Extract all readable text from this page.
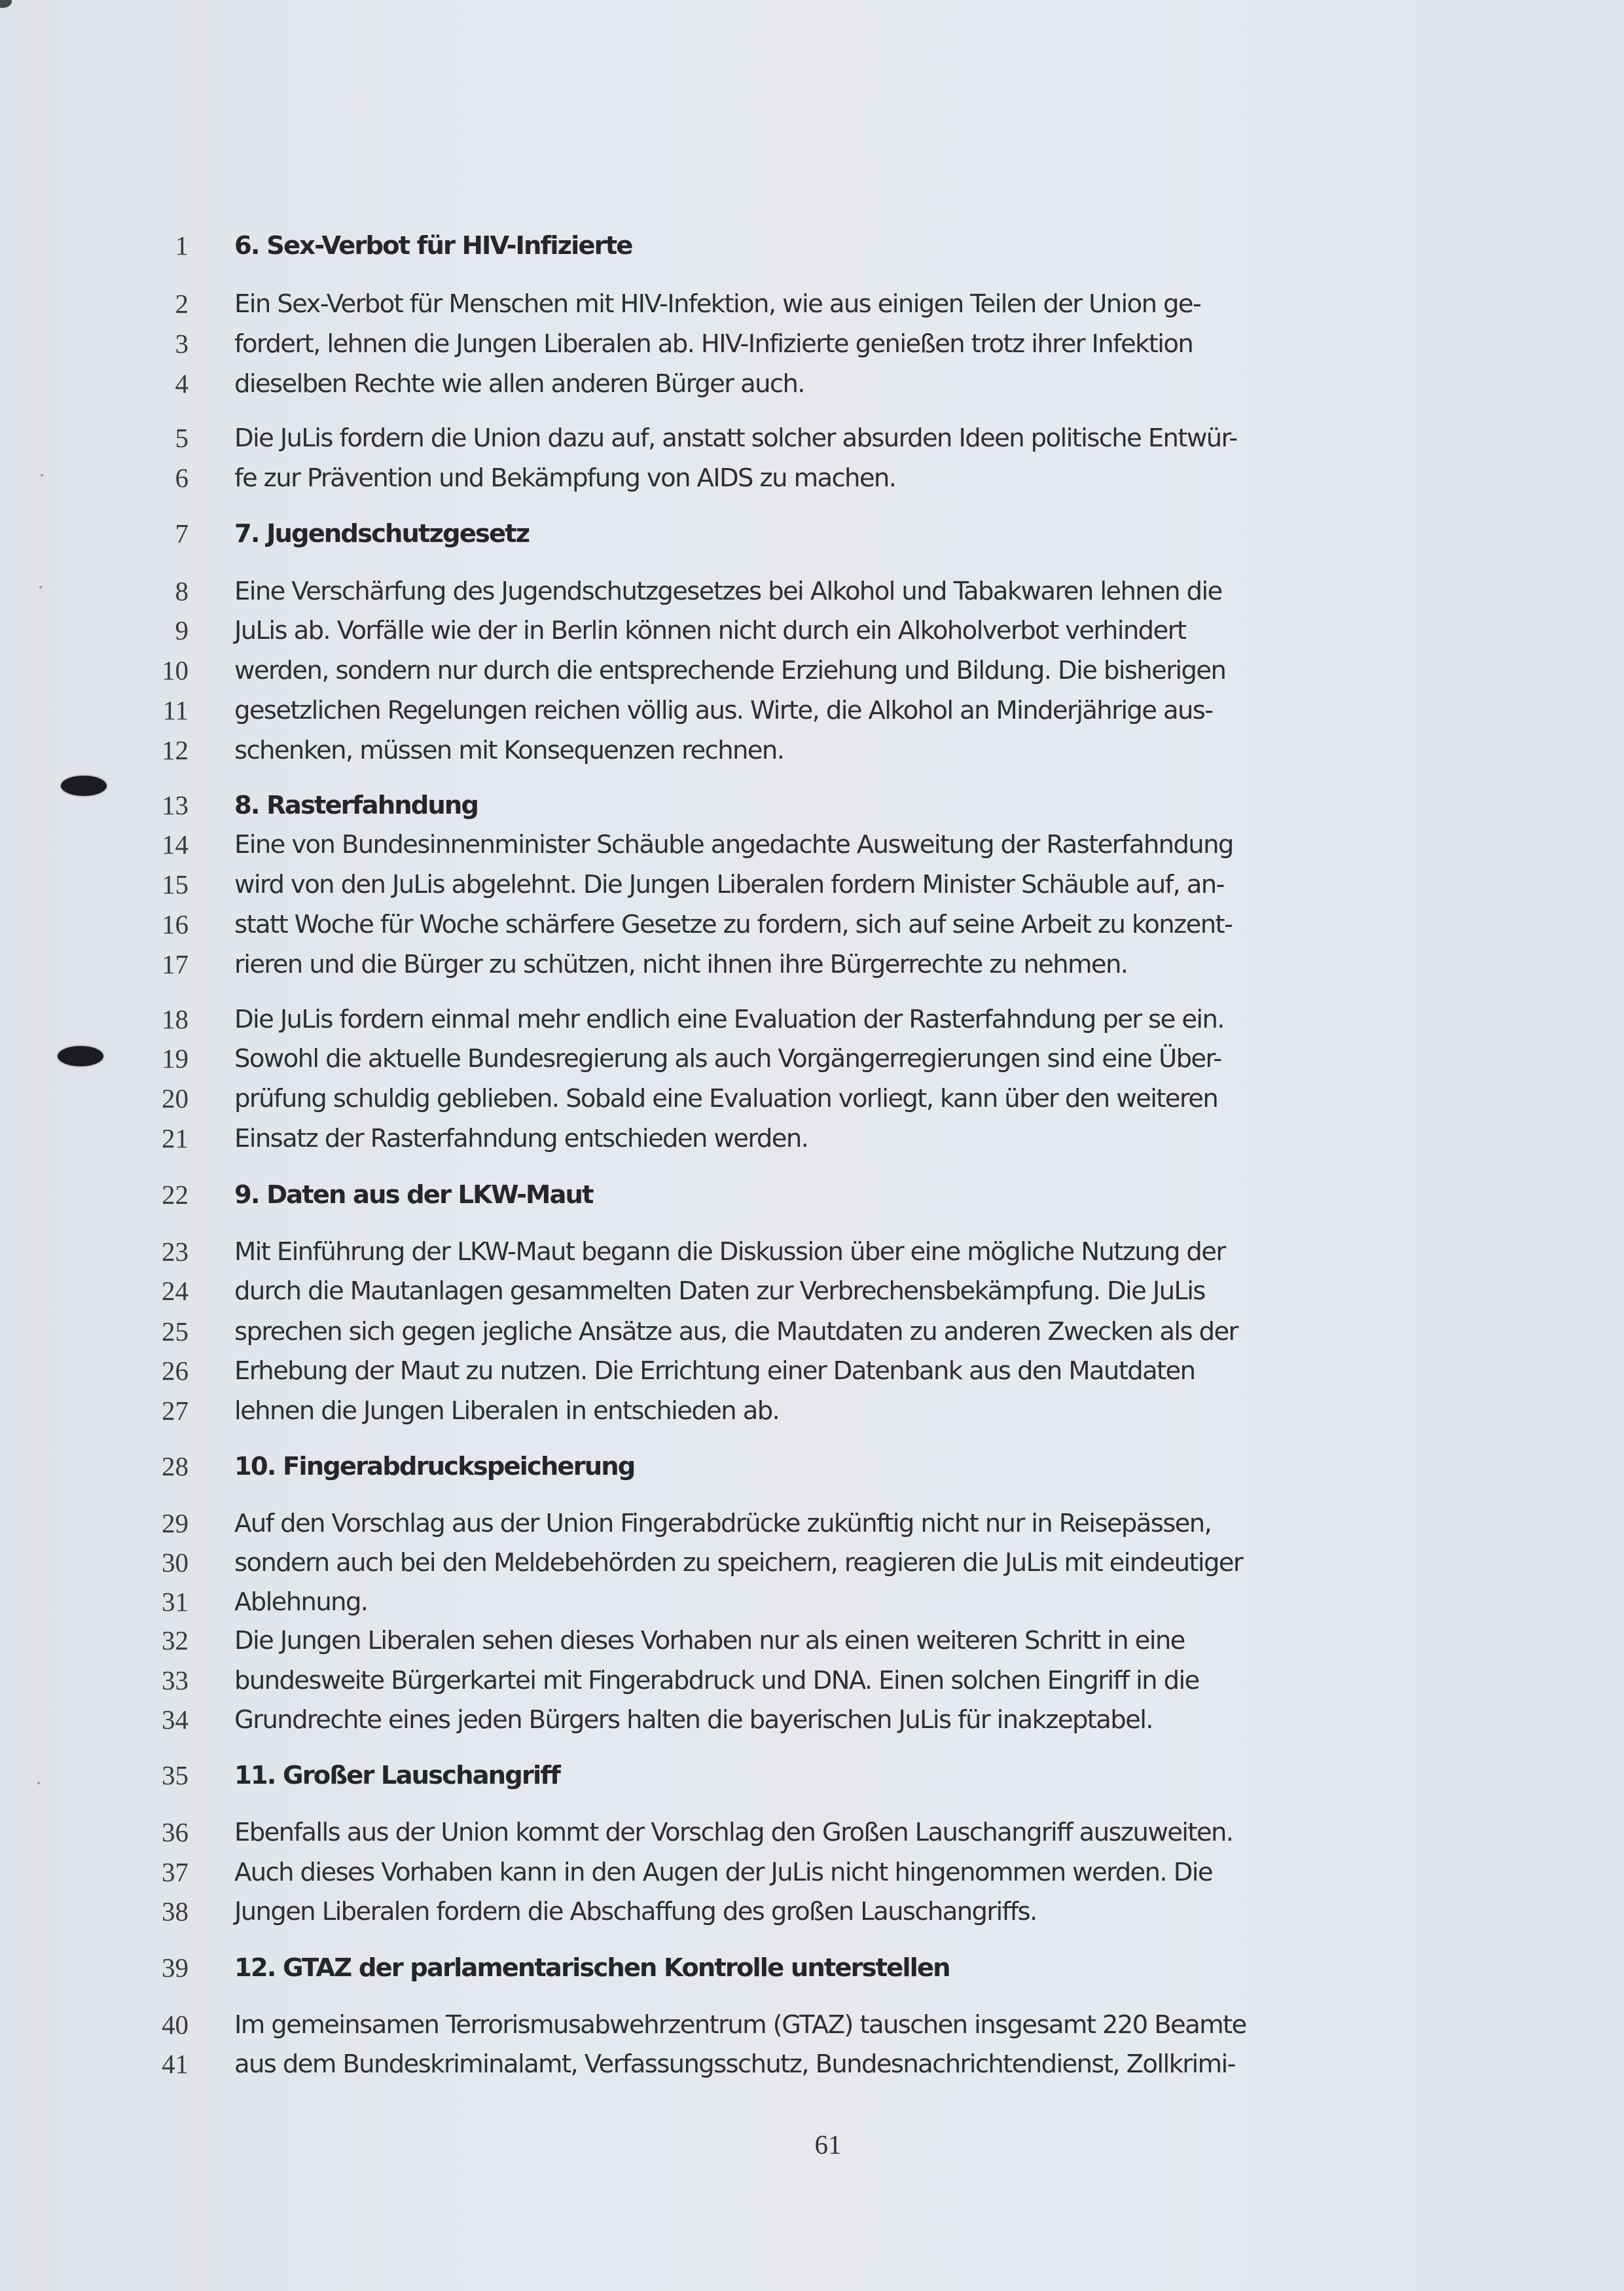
1 6. Sex-Verbot für HIV-Infizierte
2 Ein Sex-Verbot für Menschen mit HIV-Infektion, wie aus einigen Teilen der Union ge-
3 fordert, lehnen die Jungen Liberalen ab. HIV-Infizierte genießen trotz ihrer Infektion
4 dieselben Rechte wie allen anderen Bürger auch.
5 Die JuLis fordern die Union dazu auf, anstatt solcher absurden Ideen politische Entwür-
6 fe zur Prävention und Bekämpfung von AIDS zu machen.
7 7. Jugendschutzgesetz
8 Eine Verschärfung des Jugendschutzgesetzes bei Alkohol und Tabakwaren lehnen die
9 JuLis ab. Vorfälle wie der in Berlin können nicht durch ein Alkoholverbot verhindert
10 werden, sondern nur durch die entsprechende Erziehung und Bildung. Die bisherigen
11 gesetzlichen Regelungen reichen völlig aus. Wirte, die Alkohol an Minderjährige aus-
12 schenken, müssen mit Konsequenzen rechnen.
13 8. Rasterfahndung
14 Eine von Bundesinnenminister Schäuble angedachte Ausweitung der Rasterfahndung
15 wird von den JuLis abgelehnt. Die Jungen Liberalen fordern Minister Schäuble auf, an-
16 statt Woche für Woche schärfere Gesetze zu fordern, sich auf seine Arbeit zu konzent-
17 rieren und die Bürger zu schützen, nicht ihnen ihre Bürgerrechte zu nehmen.
18 Die JuLis fordern einmal mehr endlich eine Evaluation der Rasterfahndung per se ein.
19 Sowohl die aktuelle Bundesregierung als auch Vorgängerregierungen sind eine Über-
20 prüfung schuldig geblieben. Sobald eine Evaluation vorliegt, kann über den weiteren
21 Einsatz der Rasterfahndung entschieden werden.
22 9. Daten aus der LKW-Maut
23 Mit Einführung der LKW-Maut begann die Diskussion über eine mögliche Nutzung der
24 durch die Mautanlagen gesammelten Daten zur Verbrechensbekämpfung. Die JuLis
25 sprechen sich gegen jegliche Ansätze aus, die Mautdaten zu anderen Zwecken als der
26 Erhebung der Maut zu nutzen. Die Errichtung einer Datenbank aus den Mautdaten
27 lehnen die Jungen Liberalen in entschieden ab.
28 10. Fingerabdruckspeicherung
29 Auf den Vorschlag aus der Union Fingerabdrücke zukünftig nicht nur in Reisepässen,
30 sondern auch bei den Meldebehörden zu speichern, reagieren die JuLis mit eindeutiger
31 Ablehnung.
32 Die Jungen Liberalen sehen dieses Vorhaben nur als einen weiteren Schritt in eine
33 bundesweite Bürgerkartei mit Fingerabdruck und DNA. Einen solchen Eingriff in die
34 Grundrechte eines jeden Bürgers halten die bayerischen JuLis für inakzeptabel.
35 11. Großer Lauschangriff
36 Ebenfalls aus der Union kommt der Vorschlag den Großen Lauschangriff auszuweiten.
37 Auch dieses Vorhaben kann in den Augen der JuLis nicht hingenommen werden. Die
38 Jungen Liberalen fordern die Abschaffung des großen Lauschangriffs.
39 12. GTAZ der parlamentarischen Kontrolle unterstellen
40 Im gemeinsamen Terrorismusabwehrzentrum (GTAZ) tauschen insgesamt 220 Beamte
41 aus dem Bundeskriminalamt, Verfassungsschutz, Bundesnachrichtendienst, Zollkrimi-
61
